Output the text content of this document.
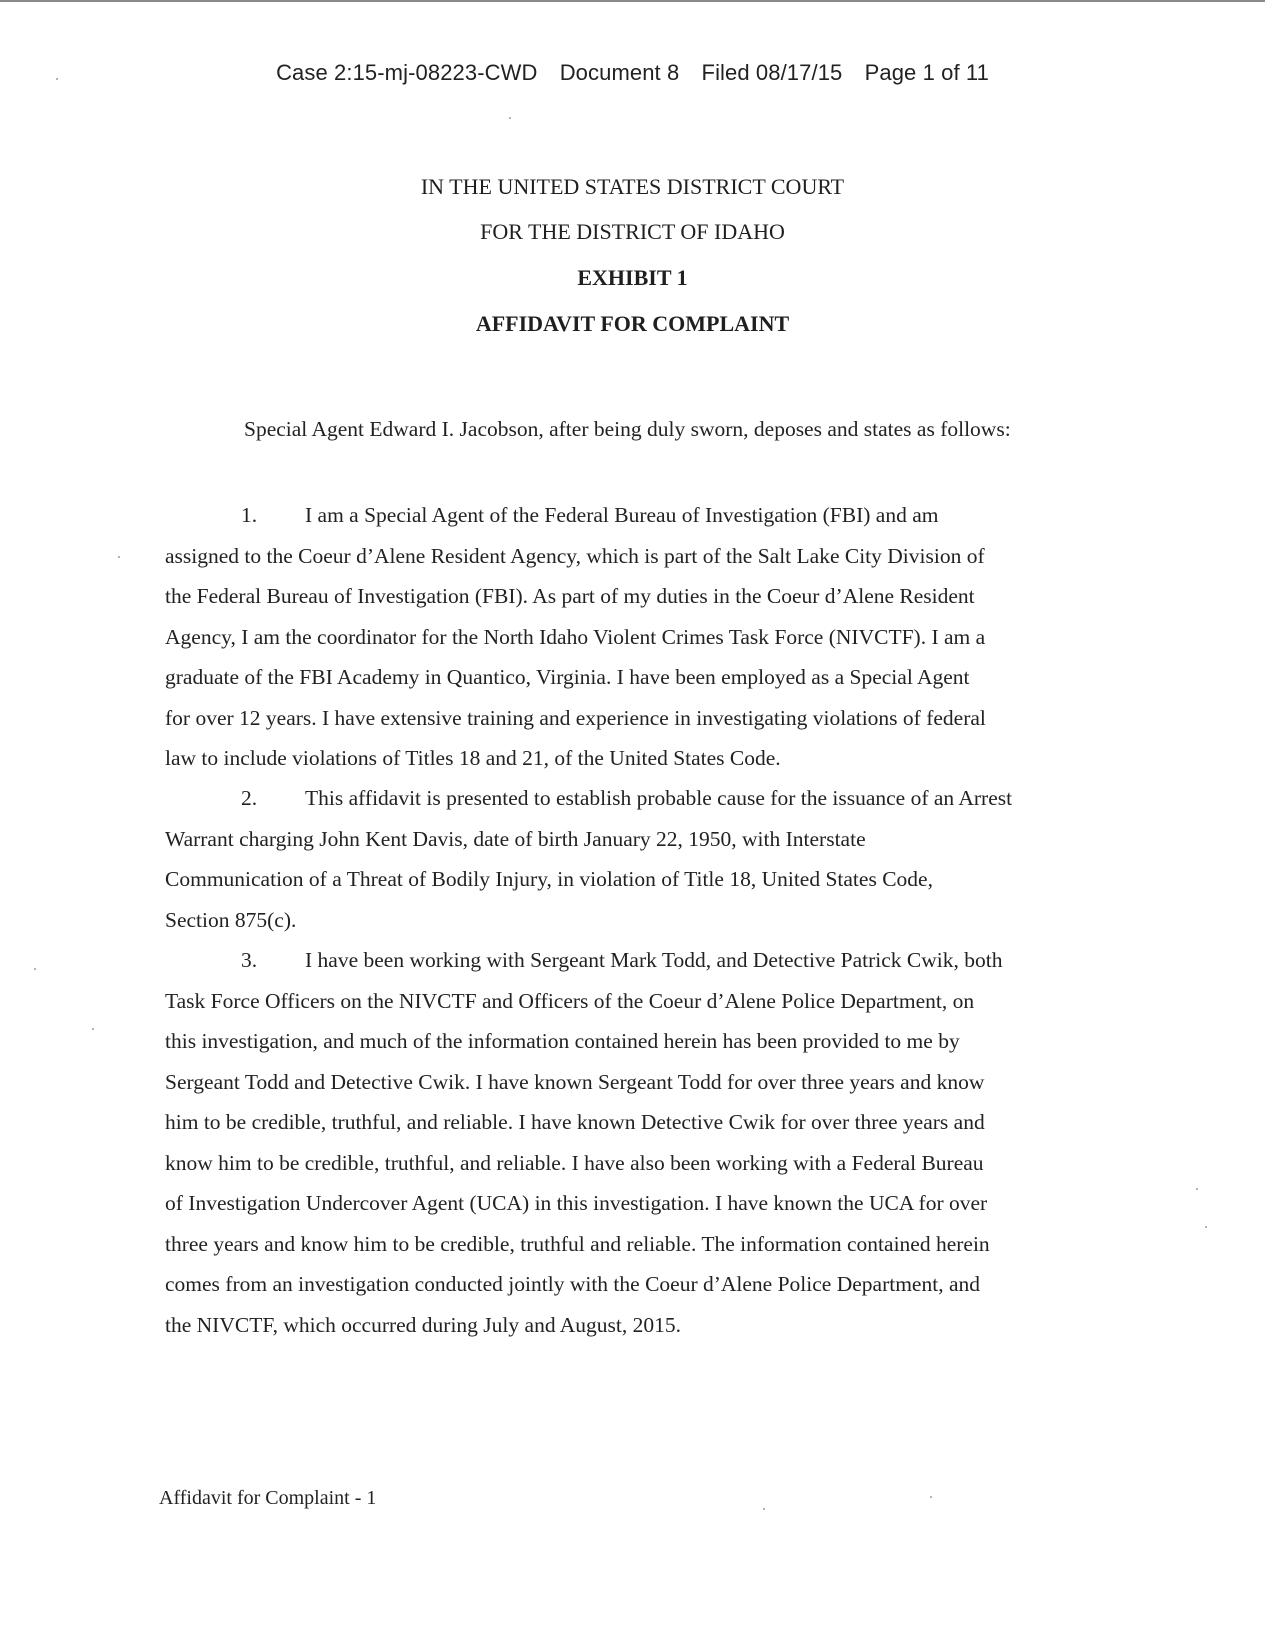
Case 2:15-mj-08223-CWD Document 8 Filed 08/17/15 Page 1 of 11
IN THE UNITED STATES DISTRICT COURT
FOR THE DISTRICT OF IDAHO
EXHIBIT 1
AFFIDAVIT FOR COMPLAINT
Special Agent Edward I. Jacobson, after being duly sworn, deposes and states as follows:
1. I am a Special Agent of the Federal Bureau of Investigation (FBI) and am
assigned to the Coeur d’Alene Resident Agency, which is part of the Salt Lake City Division of
the Federal Bureau of Investigation (FBI). As part of my duties in the Coeur d’Alene Resident
Agency, I am the coordinator for the North Idaho Violent Crimes Task Force (NIVCTF). I am a
graduate of the FBI Academy in Quantico, Virginia. I have been employed as a Special Agent
for over 12 years. I have extensive training and experience in investigating violations of federal
law to include violations of Titles 18 and 21, of the United States Code.
2. This affidavit is presented to establish probable cause for the issuance of an Arrest
Warrant charging John Kent Davis, date of birth January 22, 1950, with Interstate
Communication of a Threat of Bodily Injury, in violation of Title 18, United States Code,
Section 875(c).
3. I have been working with Sergeant Mark Todd, and Detective Patrick Cwik, both
Task Force Officers on the NIVCTF and Officers of the Coeur d’Alene Police Department, on
this investigation, and much of the information contained herein has been provided to me by
Sergeant Todd and Detective Cwik. I have known Sergeant Todd for over three years and know
him to be credible, truthful, and reliable. I have known Detective Cwik for over three years and
know him to be credible, truthful, and reliable. I have also been working with a Federal Bureau
of Investigation Undercover Agent (UCA) in this investigation. I have known the UCA for over
three years and know him to be credible, truthful and reliable. The information contained herein
comes from an investigation conducted jointly with the Coeur d’Alene Police Department, and
the NIVCTF, which occurred during July and August, 2015.
Affidavit for Complaint - 1
